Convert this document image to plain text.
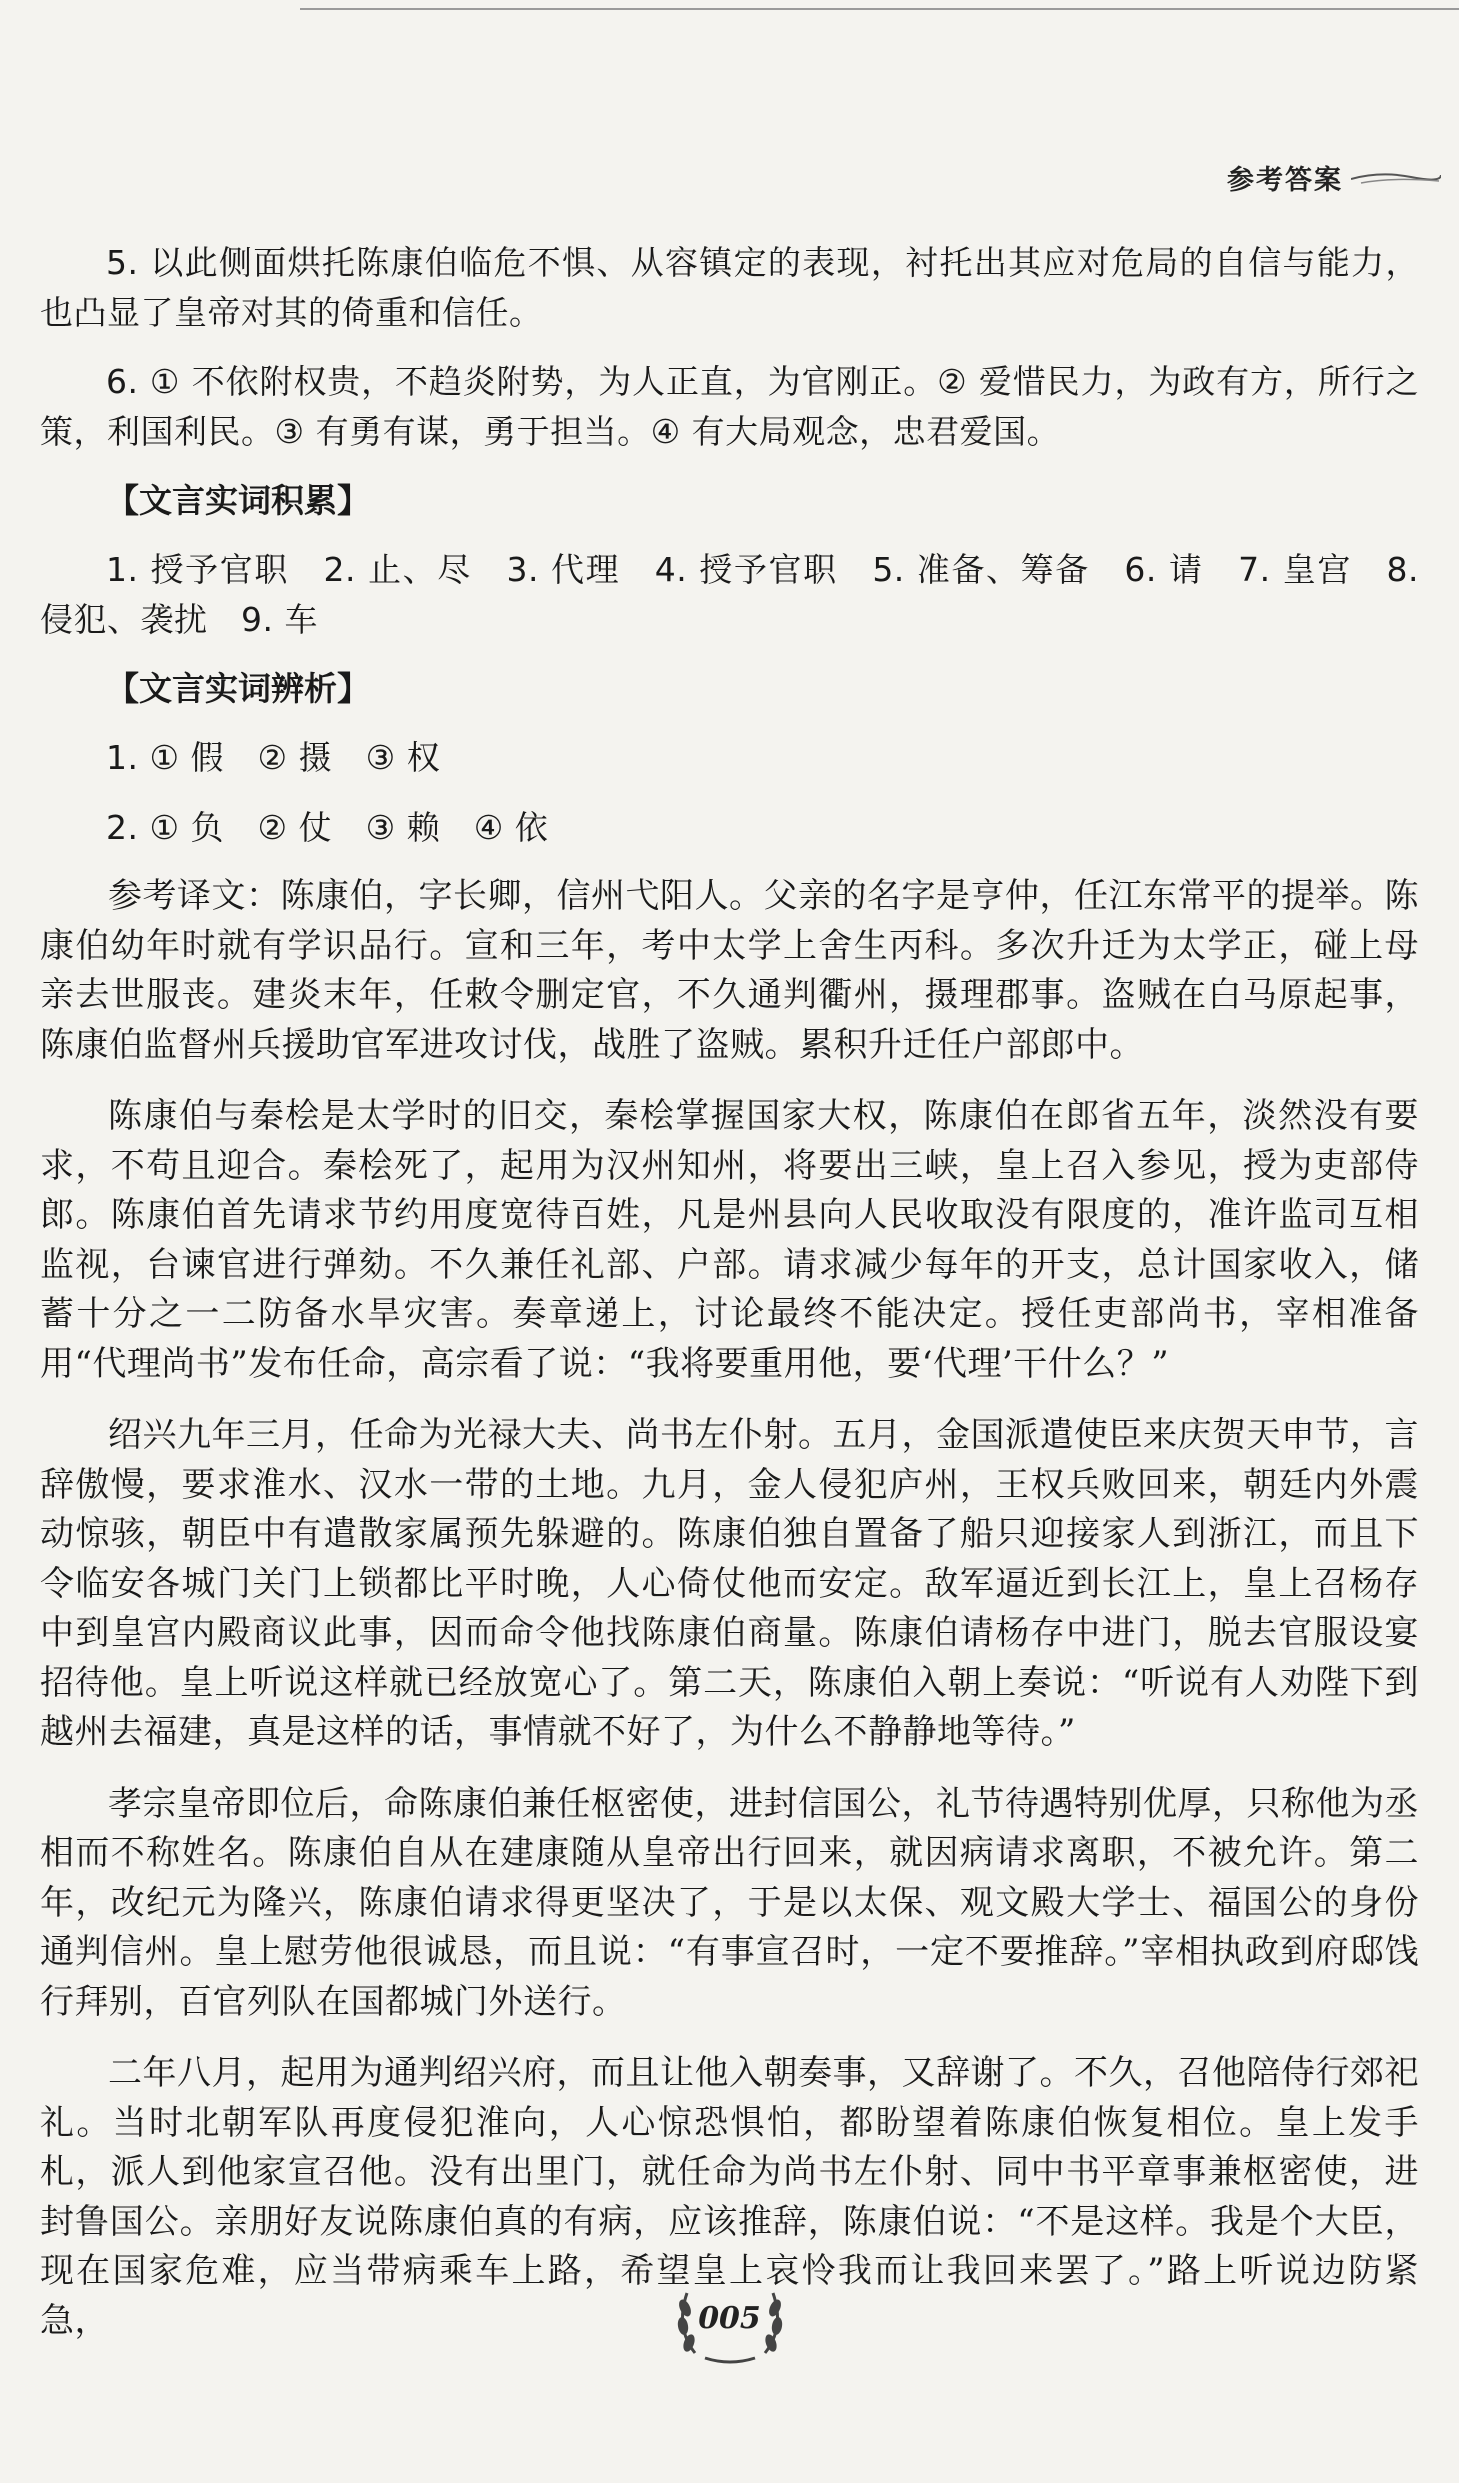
参考答案

5. 以此侧面烘托陈康伯临危不惧、从容镇定的表现，衬托出其应对危局的自信与能力，也凸显了皇帝对其的倚重和信任。

6. ① 不依附权贵，不趋炎附势，为人正直，为官刚正。② 爱惜民力，为政有方，所行之策，利国利民。③ 有勇有谋，勇于担当。④ 有大局观念，忠君爱国。

【文言实词积累】

1. 授予官职　2. 止、尽　3. 代理　4. 授予官职　5. 准备、筹备　6. 请　7. 皇宫　8. 侵犯、袭扰　9. 车

【文言实词辨析】

1. ① 假　② 摄　③ 权

2. ① 负　② 仗　③ 赖　④ 依

参考译文：陈康伯，字长卿，信州弋阳人。父亲的名字是亨仲，任江东常平的提举。陈康伯幼年时就有学识品行。宣和三年，考中太学上舍生丙科。多次升迁为太学正，碰上母亲去世服丧。建炎末年，任敕令删定官，不久通判衢州，摄理郡事。盗贼在白马原起事，陈康伯监督州兵援助官军进攻讨伐，战胜了盗贼。累积升迁任户部郎中。

陈康伯与秦桧是太学时的旧交，秦桧掌握国家大权，陈康伯在郎省五年，淡然没有要求，不苟且迎合。秦桧死了，起用为汉州知州，将要出三峡，皇上召入参见，授为吏部侍郎。陈康伯首先请求节约用度宽待百姓，凡是州县向人民收取没有限度的，准许监司互相监视，台谏官进行弹劾。不久兼任礼部、户部。请求减少每年的开支，总计国家收入，储蓄十分之一二防备水旱灾害。奏章递上，讨论最终不能决定。授任吏部尚书，宰相准备用“代理尚书”发布任命，高宗看了说：“我将要重用他，要‘代理’干什么？”

绍兴九年三月，任命为光禄大夫、尚书左仆射。五月，金国派遣使臣来庆贺天申节，言辞傲慢，要求淮水、汉水一带的土地。九月，金人侵犯庐州，王权兵败回来，朝廷内外震动惊骇，朝臣中有遣散家属预先躲避的。陈康伯独自置备了船只迎接家人到浙江，而且下令临安各城门关门上锁都比平时晚，人心倚仗他而安定。敌军逼近到长江上，皇上召杨存中到皇宫内殿商议此事，因而命令他找陈康伯商量。陈康伯请杨存中进门，脱去官服设宴招待他。皇上听说这样就已经放宽心了。第二天，陈康伯入朝上奏说：“听说有人劝陛下到越州去福建，真是这样的话，事情就不好了，为什么不静静地等待。”

孝宗皇帝即位后，命陈康伯兼任枢密使，进封信国公，礼节待遇特别优厚，只称他为丞相而不称姓名。陈康伯自从在建康随从皇帝出行回来，就因病请求离职，不被允许。第二年，改纪元为隆兴，陈康伯请求得更坚决了，于是以太保、观文殿大学士、福国公的身份通判信州。皇上慰劳他很诚恳，而且说：“有事宣召时，一定不要推辞。”宰相执政到府邸饯行拜别，百官列队在国都城门外送行。

二年八月，起用为通判绍兴府，而且让他入朝奏事，又辞谢了。不久，召他陪侍行郊祀礼。当时北朝军队再度侵犯淮向，人心惊恐惧怕，都盼望着陈康伯恢复相位。皇上发手札，派人到他家宣召他。没有出里门，就任命为尚书左仆射、同中书平章事兼枢密使，进封鲁国公。亲朋好友说陈康伯真的有病，应该推辞，陈康伯说：“不是这样。我是个大臣，现在国家危难，应当带病乘车上路，希望皇上哀怜我而让我回来罢了。”路上听说边防紧急，	005
